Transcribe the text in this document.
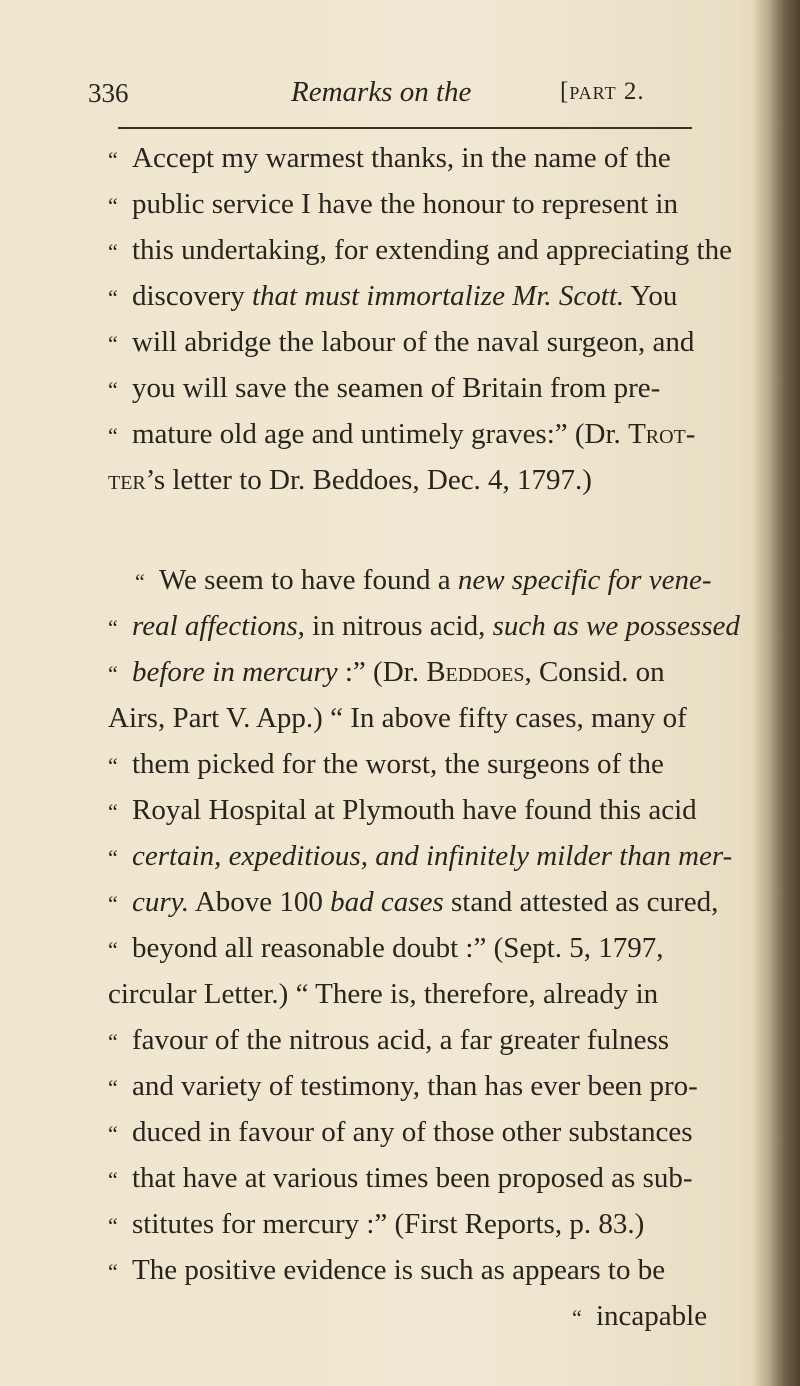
336	Remarks on the	[part 2.
“ Accept my warmest thanks, in the name of the
“ public service I have the honour to represent in
“ this undertaking, for extending and appreciating the
“ discovery that must immortalize Mr. Scott. You
“ will abridge the labour of the naval surgeon, and
“ you will save the seamen of Britain from pre-
“ mature old age and untimely graves:” (Dr. Trot-
ter’s letter to Dr. Beddoes, Dec. 4, 1797.)
“ We seem to have found a new specific for vene-
“ real affections, in nitrous acid, such as we possessed
“ before in mercury :” (Dr. Beddoes, Consid. on
Airs, Part V. App.) “ In above fifty cases, many of
“ them picked for the worst, the surgeons of the
“ Royal Hospital at Plymouth have found this acid
“ certain, expeditious, and infinitely milder than mer-
“ cury. Above 100 bad cases stand attested as cured,
“ beyond all reasonable doubt :” (Sept. 5, 1797,
circular Letter.) “ There is, therefore, already in
“ favour of the nitrous acid, a far greater fulness
“ and variety of testimony, than has ever been pro-
“ duced in favour of any of those other substances
“ that have at various times been proposed as sub-
“ stitutes for mercury :” (First Reports, p. 83.)
“ The positive evidence is such as appears to be
“ incapable
